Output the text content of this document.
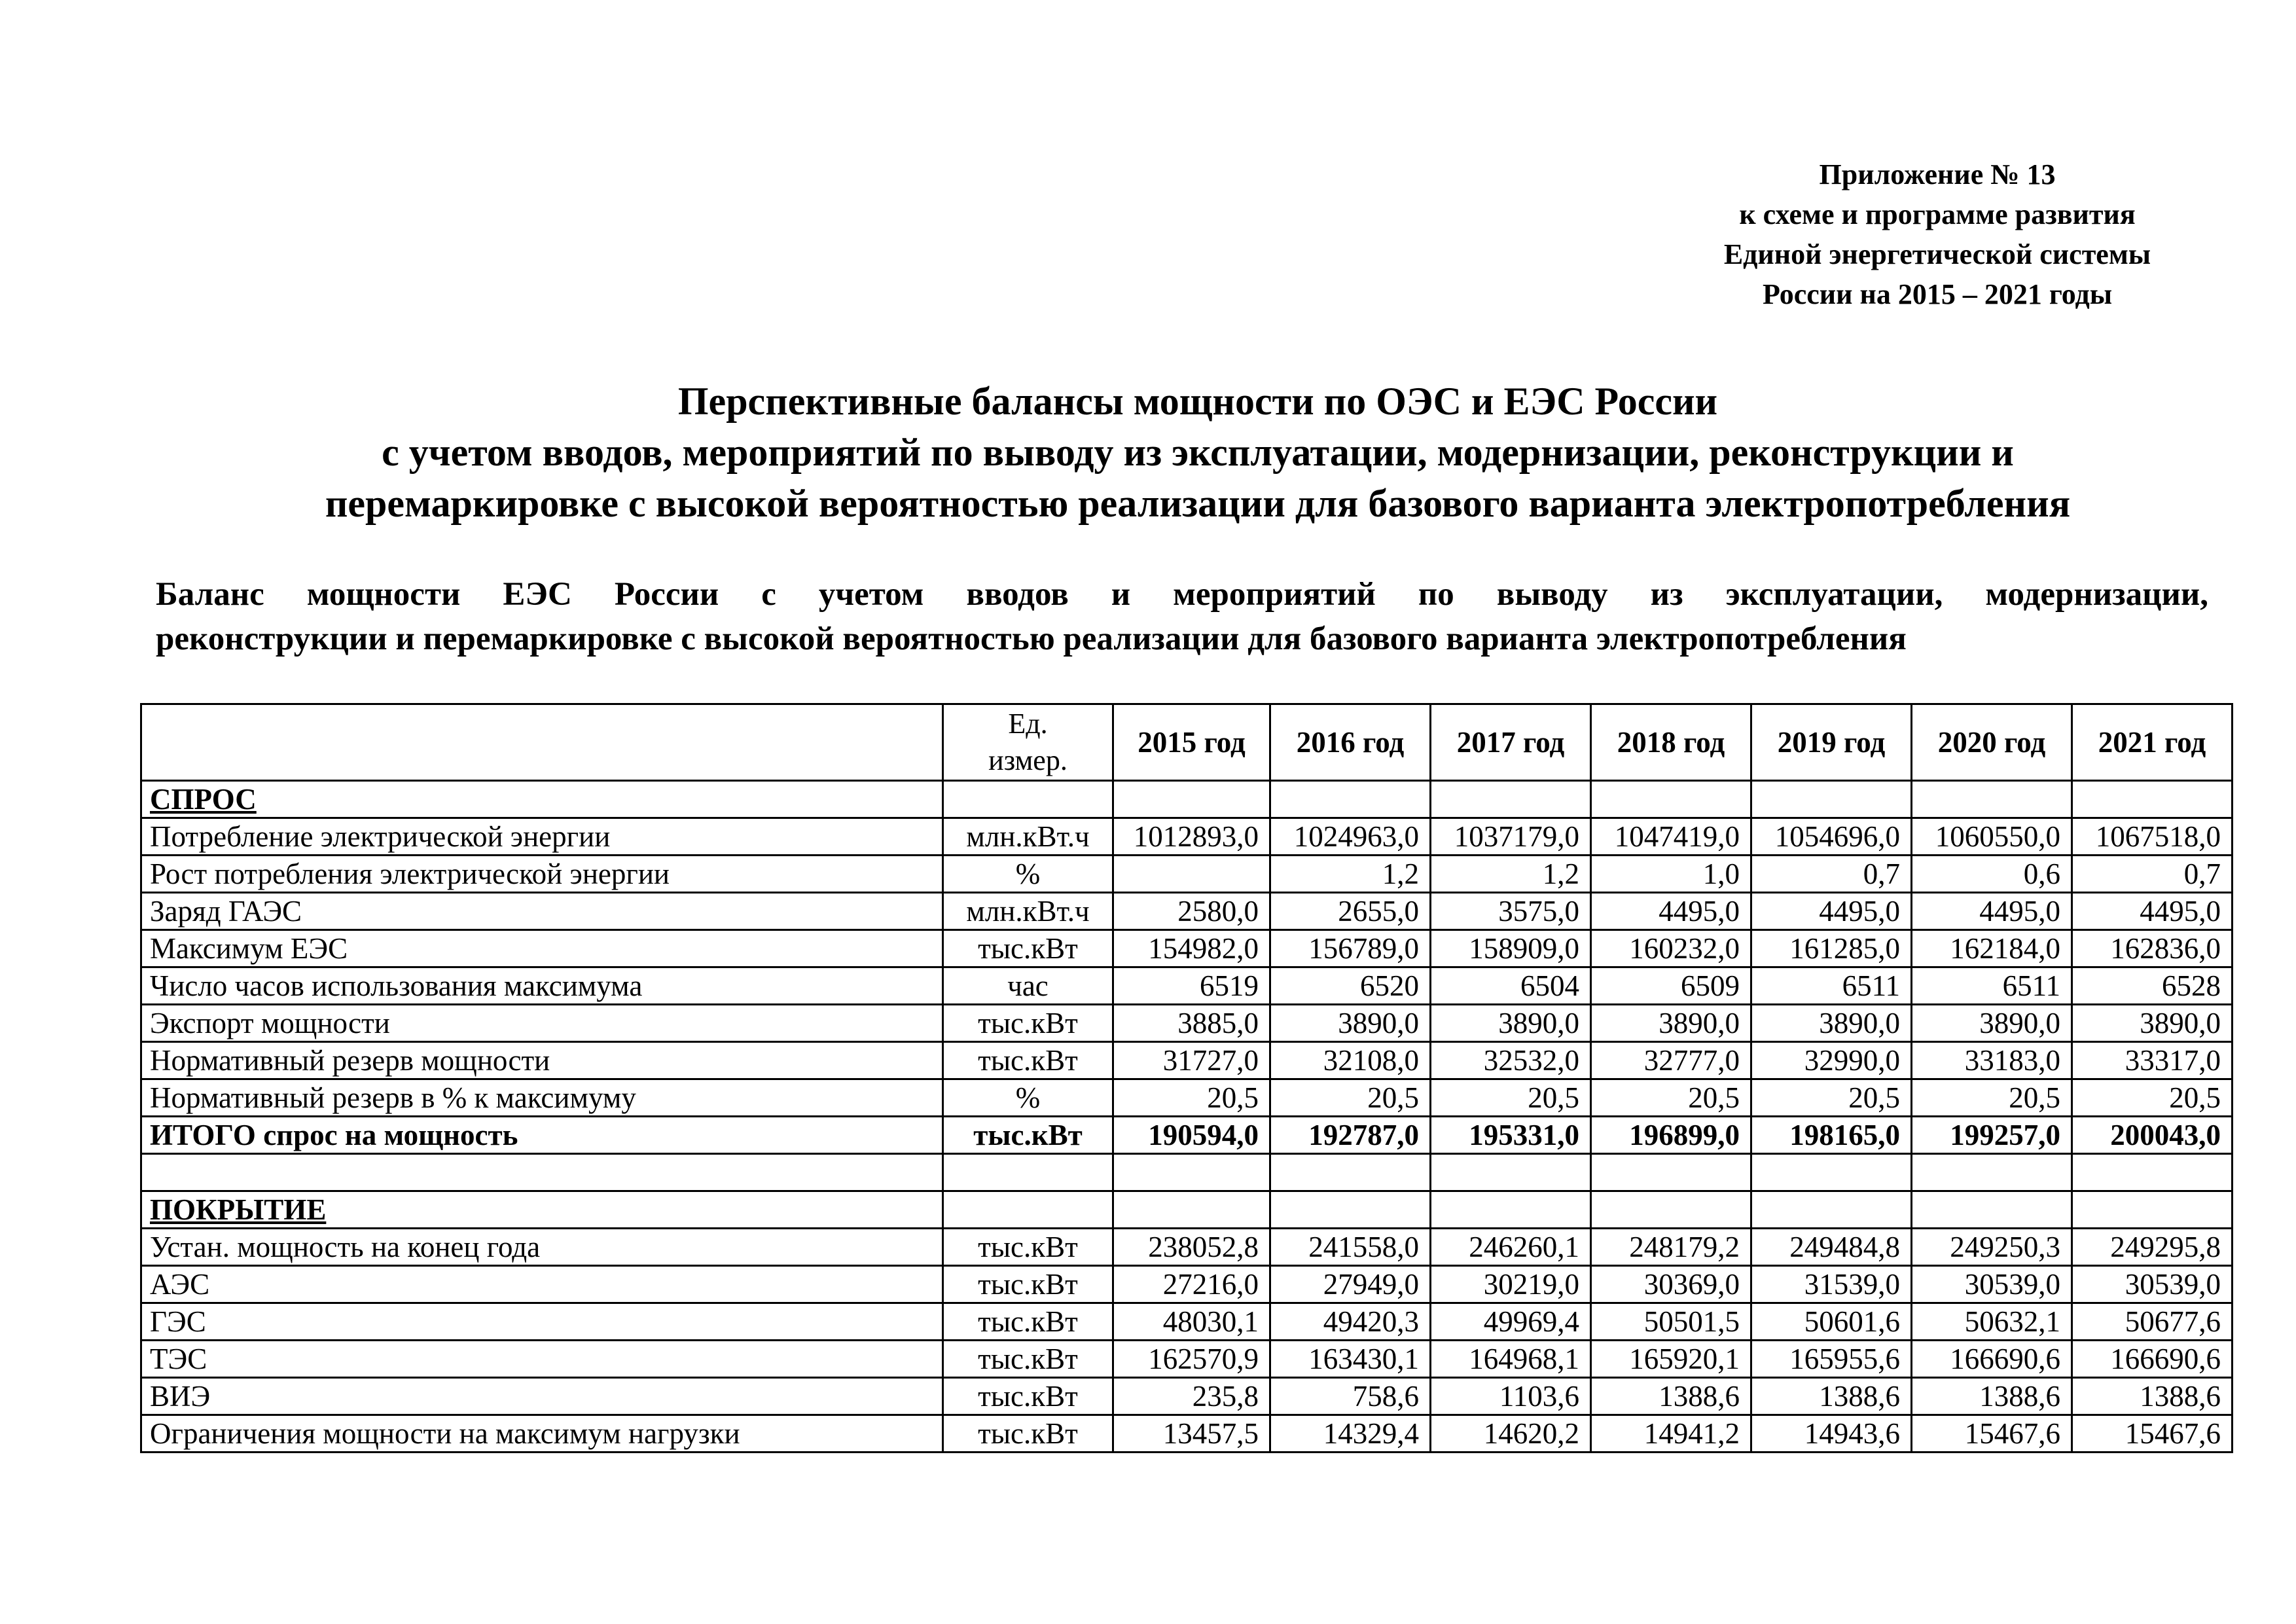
Приложение № 13
к схеме и программе развития
Единой энергетической системы
России на 2015 – 2021 годы
Перспективные балансы мощности по ОЭС и ЕЭС России
с учетом вводов, мероприятий по выводу из эксплуатации, модернизации, реконструкции и
перемаркировке с высокой вероятностью реализации для базового варианта электропотребления
Баланс мощности ЕЭС России с учетом вводов и мероприятий по выводу из эксплуатации, модернизации,
реконструкции и перемаркировке с высокой вероятностью реализации для базового варианта электропотребления
	Ед.
измер.	2015 год	2016 год	2017 год	2018 год	2019 год	2020 год	2021 год
СПРОС								
Потребление электрической энергии	млн.кВт.ч	1012893,0	1024963,0	1037179,0	1047419,0	1054696,0	1060550,0	1067518,0
Рост потребления электрической энергии	%		1,2	1,2	1,0	0,7	0,6	0,7
Заряд ГАЭС	млн.кВт.ч	2580,0	2655,0	3575,0	4495,0	4495,0	4495,0	4495,0
Максимум ЕЭС	тыс.кВт	154982,0	156789,0	158909,0	160232,0	161285,0	162184,0	162836,0
Число часов использования максимума	час	6519	6520	6504	6509	6511	6511	6528
Экспорт мощности	тыс.кВт	3885,0	3890,0	3890,0	3890,0	3890,0	3890,0	3890,0
Нормативный резерв мощности	тыс.кВт	31727,0	32108,0	32532,0	32777,0	32990,0	33183,0	33317,0
Нормативный резерв в % к максимуму	%	20,5	20,5	20,5	20,5	20,5	20,5	20,5
ИТОГО спрос на мощность	тыс.кВт	190594,0	192787,0	195331,0	196899,0	198165,0	199257,0	200043,0

ПОКРЫТИЕ								
Устан. мощность на конец года	тыс.кВт	238052,8	241558,0	246260,1	248179,2	249484,8	249250,3	249295,8
АЭС	тыс.кВт	27216,0	27949,0	30219,0	30369,0	31539,0	30539,0	30539,0
ГЭС	тыс.кВт	48030,1	49420,3	49969,4	50501,5	50601,6	50632,1	50677,6
ТЭС	тыс.кВт	162570,9	163430,1	164968,1	165920,1	165955,6	166690,6	166690,6
ВИЭ	тыс.кВт	235,8	758,6	1103,6	1388,6	1388,6	1388,6	1388,6
Ограничения мощности на максимум нагрузки	тыс.кВт	13457,5	14329,4	14620,2	14941,2	14943,6	15467,6	15467,6
